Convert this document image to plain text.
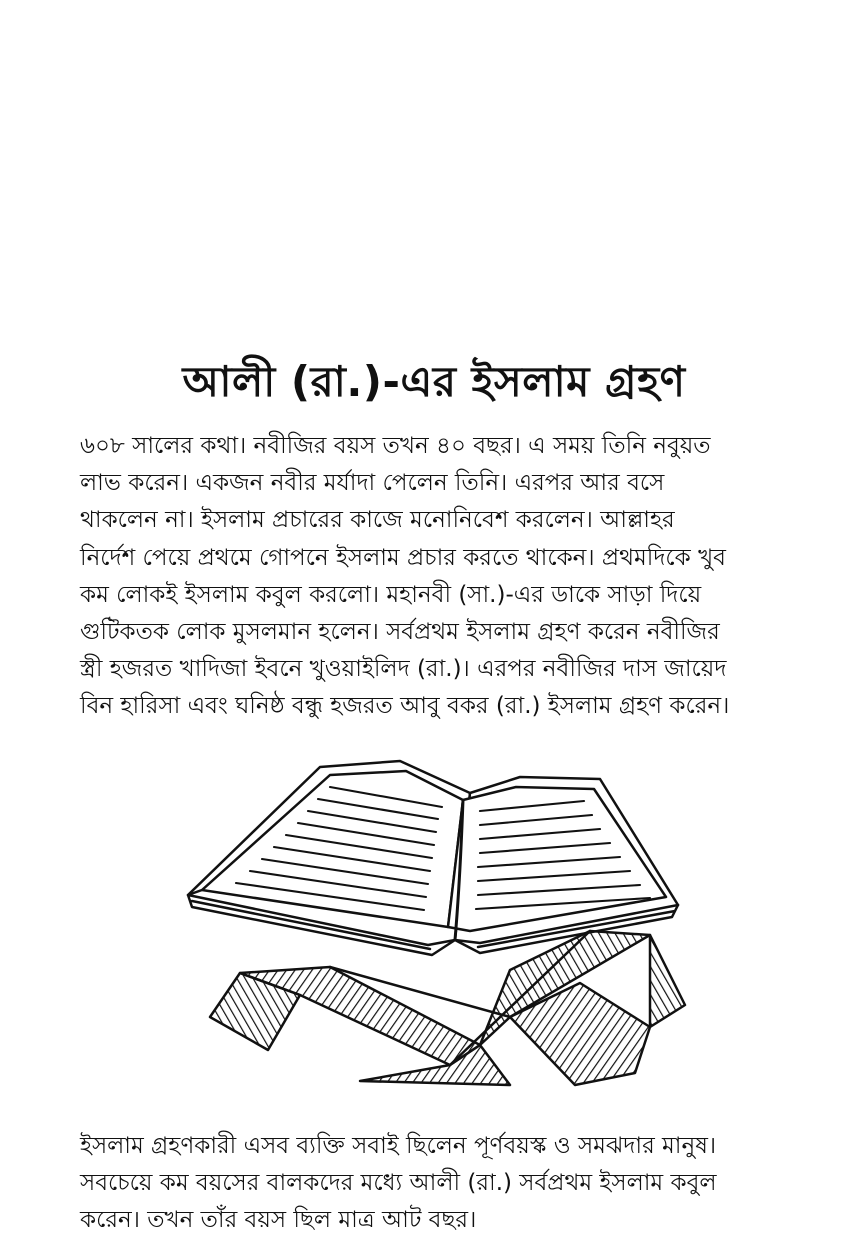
আলী (রা.)-এর ইসলাম গ্রহণ
৬০৮ সালের কথা। নবীজির বয়স তখন ৪০ বছর। এ সময় তিনি নবুয়ত
লাভ করেন। একজন নবীর মর্যাদা পেলেন তিনি। এরপর আর বসে
থাকলেন না। ইসলাম প্রচারের কাজে মনোনিবেশ করলেন। আল্লাহর
নির্দেশ পেয়ে প্রথমে গোপনে ইসলাম প্রচার করতে থাকেন। প্রথমদিকে খুব
কম লোকই ইসলাম কবুল করলো। মহানবী (সা.)-এর ডাকে সাড়া দিয়ে
গুটিকতক লোক মুসলমান হলেন। সর্বপ্রথম ইসলাম গ্রহণ করেন নবীজির
স্ত্রী হজরত খাদিজা ইবনে খুওয়াইলিদ (রা.)। এরপর নবীজির দাস জায়েদ
বিন হারিসা এবং ঘনিষ্ঠ বন্ধু হজরত আবু বকর (রা.) ইসলাম গ্রহণ করেন।
ইসলাম গ্রহণকারী এসব ব্যক্তি সবাই ছিলেন পূর্ণবয়স্ক ও সমঝদার মানুষ।
সবচেয়ে কম বয়সের বালকদের মধ্যে আলী (রা.) সর্বপ্রথম ইসলাম কবুল
করেন। তখন তাঁর বয়স ছিল মাত্র আট বছর।
